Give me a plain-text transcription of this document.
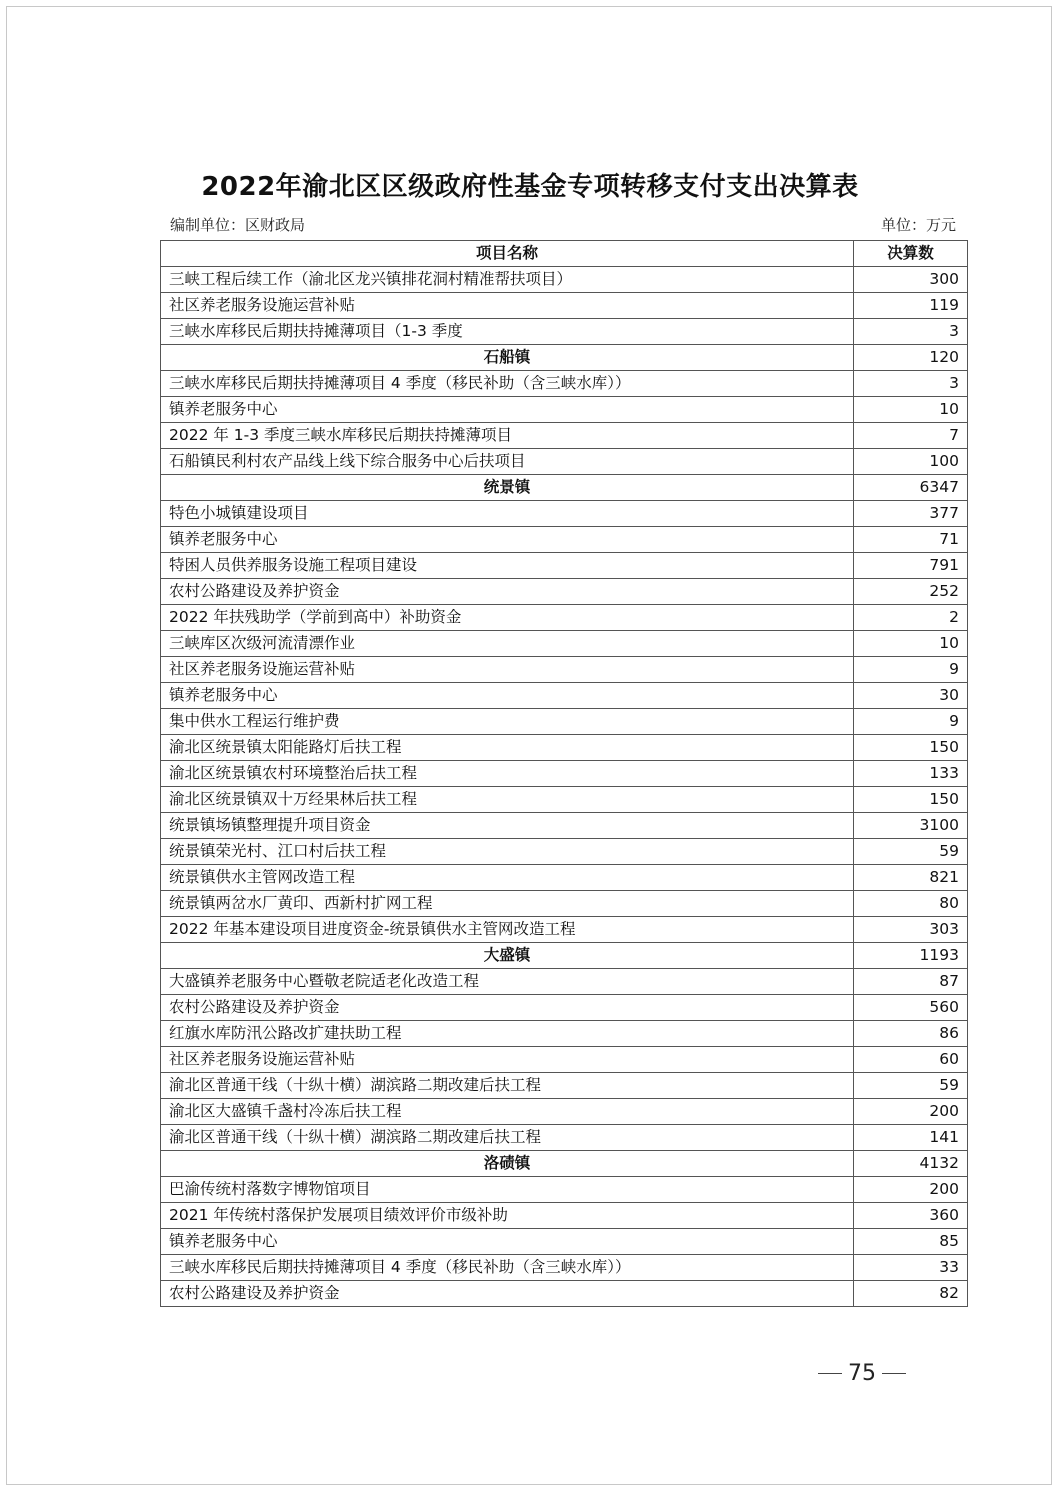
2022年渝北区区级政府性基金专项转移支付支出决算表
编制单位：区财政局	单位：万元
项目名称	决算数
三峡工程后续工作（渝北区龙兴镇排花洞村精准帮扶项目）	300
社区养老服务设施运营补贴	119
三峡水库移民后期扶持摊薄项目（1-3 季度	3
石船镇	120
三峡水库移民后期扶持摊薄项目 4 季度（移民补助（含三峡水库））	3
镇养老服务中心	10
2022 年 1-3 季度三峡水库移民后期扶持摊薄项目	7
石船镇民利村农产品线上线下综合服务中心后扶项目	100
统景镇	6347
特色小城镇建设项目	377
镇养老服务中心	71
特困人员供养服务设施工程项目建设	791
农村公路建设及养护资金	252
2022 年扶残助学（学前到高中）补助资金	2
三峡库区次级河流清漂作业	10
社区养老服务设施运营补贴	9
镇养老服务中心	30
集中供水工程运行维护费	9
渝北区统景镇太阳能路灯后扶工程	150
渝北区统景镇农村环境整治后扶工程	133
渝北区统景镇双十万经果林后扶工程	150
统景镇场镇整理提升项目资金	3100
统景镇荣光村、江口村后扶工程	59
统景镇供水主管网改造工程	821
统景镇两岔水厂黄印、西新村扩网工程	80
2022 年基本建设项目进度资金-统景镇供水主管网改造工程	303
大盛镇	1193
大盛镇养老服务中心暨敬老院适老化改造工程	87
农村公路建设及养护资金	560
红旗水库防汛公路改扩建扶助工程	86
社区养老服务设施运营补贴	60
渝北区普通干线（十纵十横）湖滨路二期改建后扶工程	59
渝北区大盛镇千盏村冷冻后扶工程	200
渝北区普通干线（十纵十横）湖滨路二期改建后扶工程	141
洛碛镇	4132
巴渝传统村落数字博物馆项目	200
2021 年传统村落保护发展项目绩效评价市级补助	360
镇养老服务中心	85
三峡水库移民后期扶持摊薄项目 4 季度（移民补助（含三峡水库））	33
农村公路建设及养护资金	82
75
